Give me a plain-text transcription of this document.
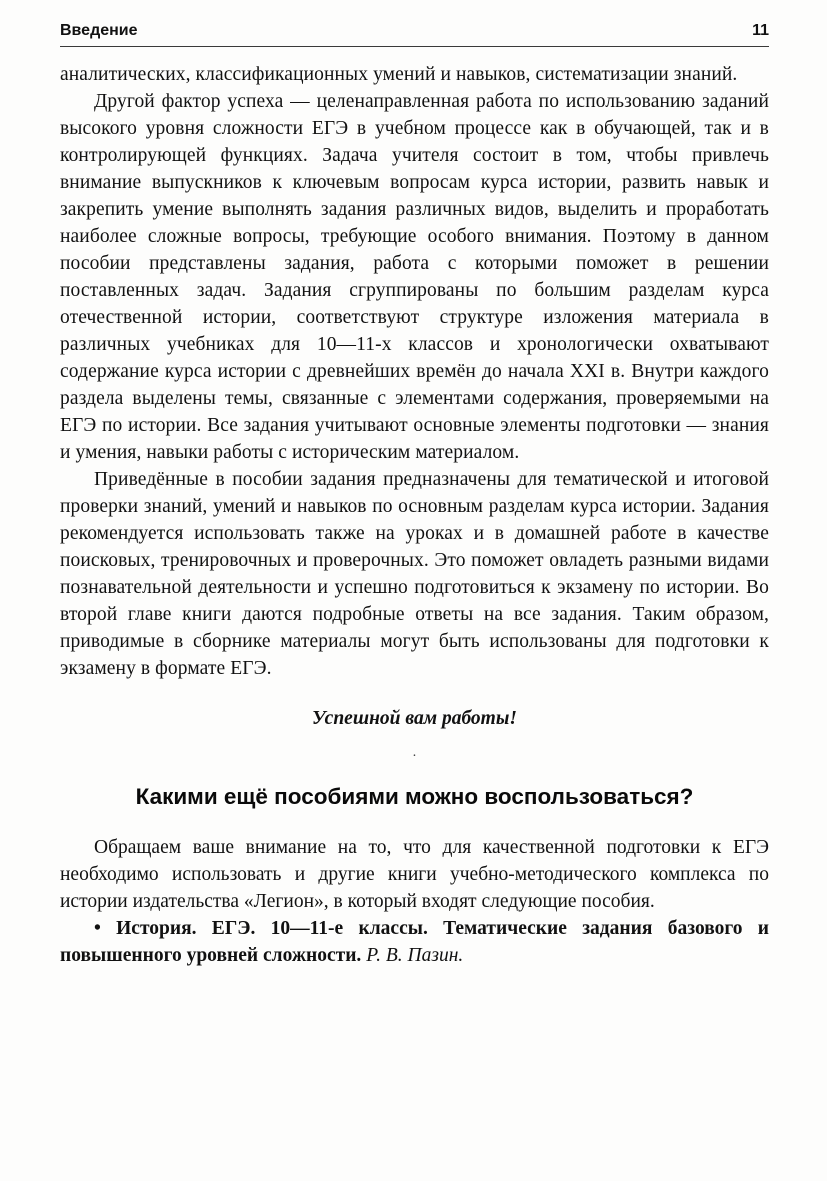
Введение	11

аналитических, классификационных умений и навыков, систематизации знаний.

Другой фактор успеха — целенаправленная работа по использованию заданий высокого уровня сложности ЕГЭ в учебном процессе как в обучающей, так и в контролирующей функциях. Задача учителя состоит в том, чтобы привлечь внимание выпускников к ключевым вопросам курса истории, развить навык и закрепить умение выполнять задания различных видов, выделить и проработать наиболее сложные вопросы, требующие особого внимания. Поэтому в данном пособии представлены задания, работа с которыми поможет в решении поставленных задач. Задания сгруппированы по большим разделам курса отечественной истории, соответствуют структуре изложения материала в различных учебниках для 10—11-х классов и хронологически охватывают содержание курса истории с древнейших времён до начала XXI в. Внутри каждого раздела выделены темы, связанные с элементами содержания, проверяемыми на ЕГЭ по истории. Все задания учитывают основные элементы подготовки — знания и умения, навыки работы с историческим материалом.

Приведённые в пособии задания предназначены для тематической и итоговой проверки знаний, умений и навыков по основным разделам курса истории. Задания рекомендуется использовать также на уроках и в домашней работе в качестве поисковых, тренировочных и проверочных. Это поможет овладеть разными видами познавательной деятельности и успешно подготовиться к экзамену по истории. Во второй главе книги даются подробные ответы на все задания. Таким образом, приводимые в сборнике материалы могут быть использованы для подготовки к экзамену в формате ЕГЭ.

Успешной вам работы!

·
Какими ещё пособиями можно воспользоваться?

Обращаем ваше внимание на то, что для качественной подготовки к ЕГЭ необходимо использовать и другие книги учебно-методического комплекса по истории издательства «Легион», в который входят следующие пособия.

• История. ЕГЭ. 10—11-е классы. Тематические задания базового и повышенного уровней сложности. Р. В. Пазин.
